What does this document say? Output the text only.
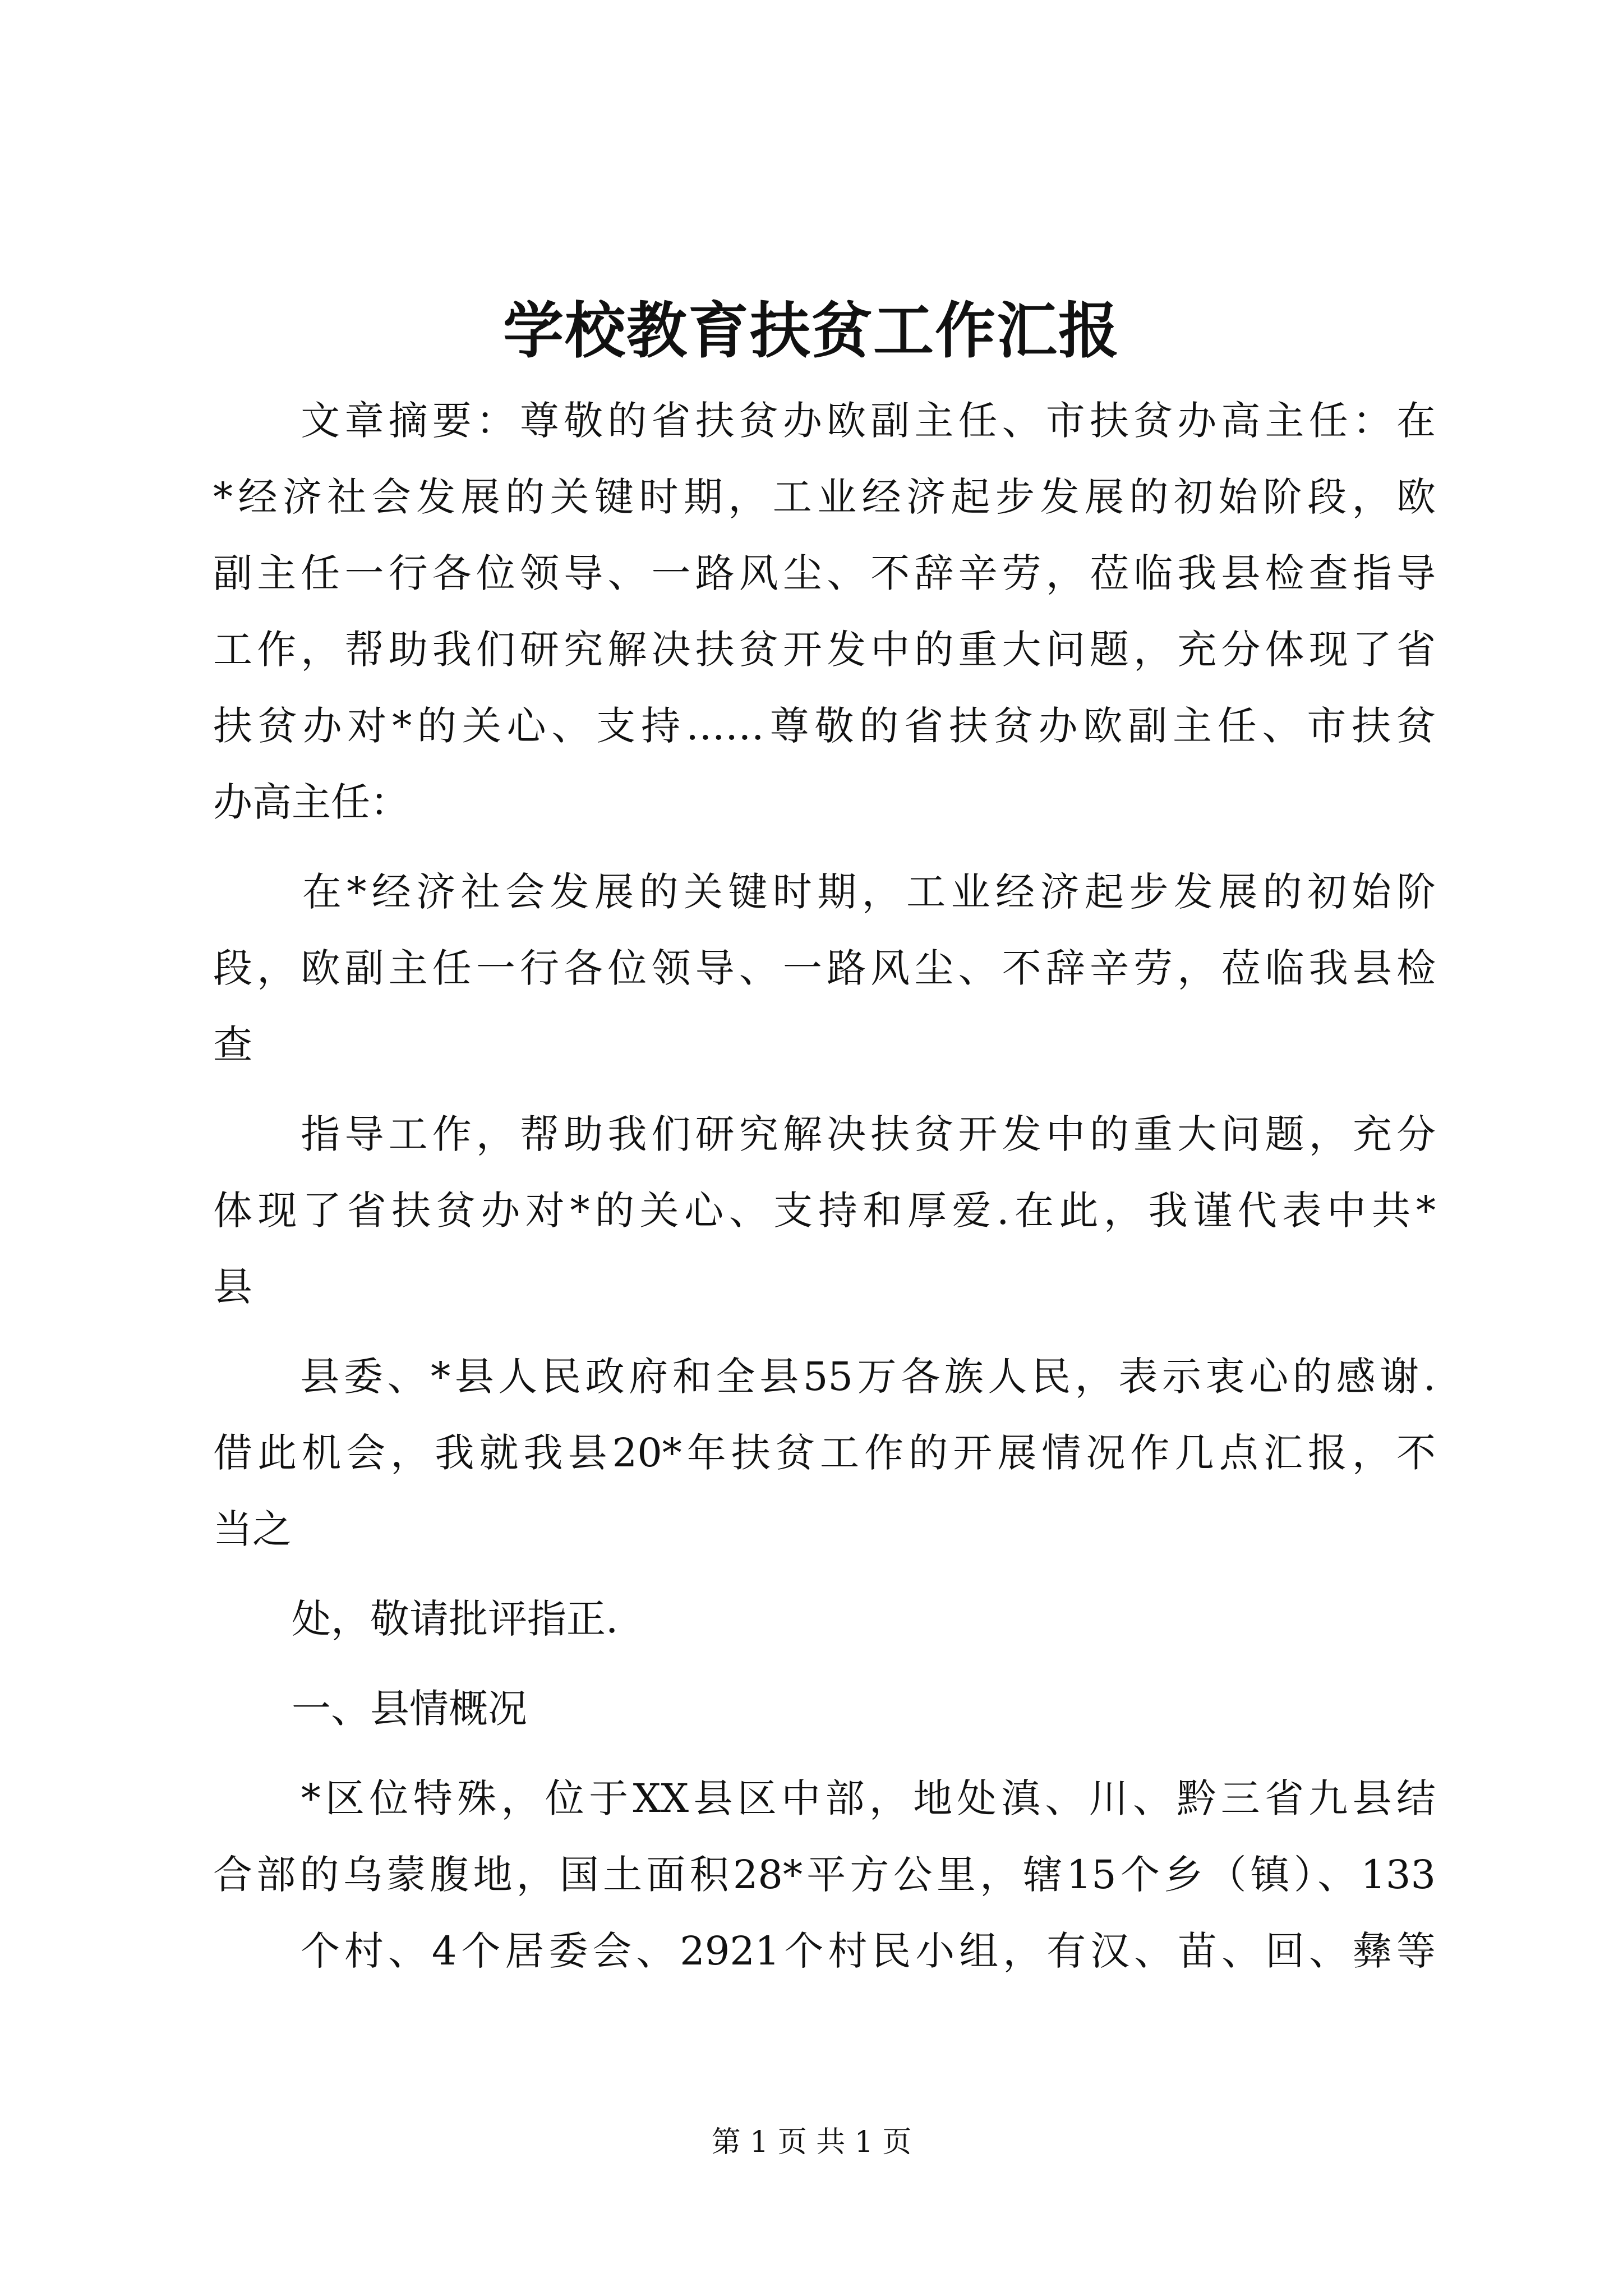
学校教育扶贫工作汇报
　　文章摘要：尊敬的省扶贫办欧副主任、市扶贫办高主任：在
*经济社会发展的关键时期，工业经济起步发展的初始阶段，欧
副主任一行各位领导、一路风尘、不辞辛劳，莅临我县检查指导
工作，帮助我们研究解决扶贫开发中的重大问题，充分体现了省
扶贫办对*的关心、支持……尊敬的省扶贫办欧副主任、市扶贫
办高主任：
　　在*经济社会发展的关键时期，工业经济起步发展的初始阶
段，欧副主任一行各位领导、一路风尘、不辞辛劳，莅临我县检
查
　　指导工作，帮助我们研究解决扶贫开发中的重大问题，充分
体现了省扶贫办对*的关心、支持和厚爱.在此，我谨代表中共*
县
　　县委、*县人民政府和全县55万各族人民，表示衷心的感谢.
借此机会，我就我县20*年扶贫工作的开展情况作几点汇报，不
当之
　　处，敬请批评指正.
　　一、县情概况
　　*区位特殊，位于XX县区中部，地处滇、川、黔三省九县结
合部的乌蒙腹地，国土面积28*平方公里，辖15个乡（镇）、133
　　个村、4个居委会、2921个村民小组，有汉、苗、回、彝等
第 1 页 共 1 页
